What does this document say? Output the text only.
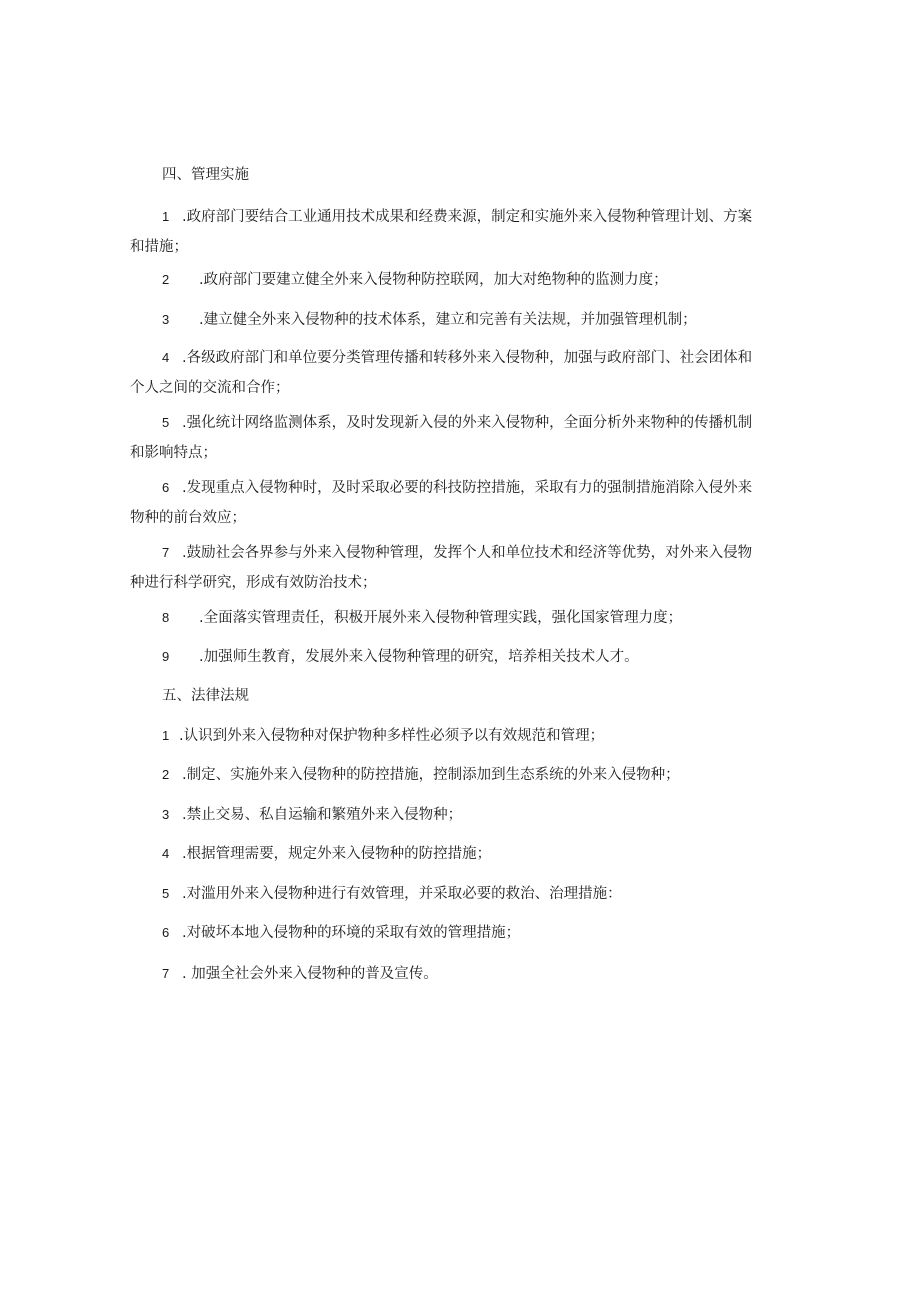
四、管理实施
1 .政府部门要结合工业通用技术成果和经费来源，制定和实施外来入侵物种管理计划、方案
和措施；
2 .政府部门要建立健全外来入侵物种防控联网，加大对绝物种的监测力度；
3 .建立健全外来入侵物种的技术体系，建立和完善有关法规，并加强管理机制；
4 .各级政府部门和单位要分类管理传播和转移外来入侵物种，加强与政府部门、社会团体和
个人之间的交流和合作；
5 .强化统计网络监测体系，及时发现新入侵的外来入侵物种，全面分析外来物种的传播机制
和影响特点；
6 .发现重点入侵物种时，及时采取必要的科技防控措施，采取有力的强制措施消除入侵外来
物种的前台效应；
7 .鼓励社会各界参与外来入侵物种管理，发挥个人和单位技术和经济等优势，对外来入侵物
种进行科学研究，形成有效防治技术；
8 .全面落实管理责任，积极开展外来入侵物种管理实践，强化国家管理力度；
9 .加强师生教育，发展外来入侵物种管理的研究，培养相关技术人才。
五、法律法规
1 .认识到外来入侵物种对保护物种多样性必须予以有效规范和管理；
2 .制定、实施外来入侵物种的防控措施，控制添加到生态系统的外来入侵物种；
3 .禁止交易、私自运输和繁殖外来入侵物种；
4 .根据管理需要，规定外来入侵物种的防控措施；
5 .对滥用外来入侵物种进行有效管理，并采取必要的救治、治理措施：
6 .对破坏本地入侵物种的环境的采取有效的管理措施；
7 . 加强全社会外来入侵物种的普及宣传。
